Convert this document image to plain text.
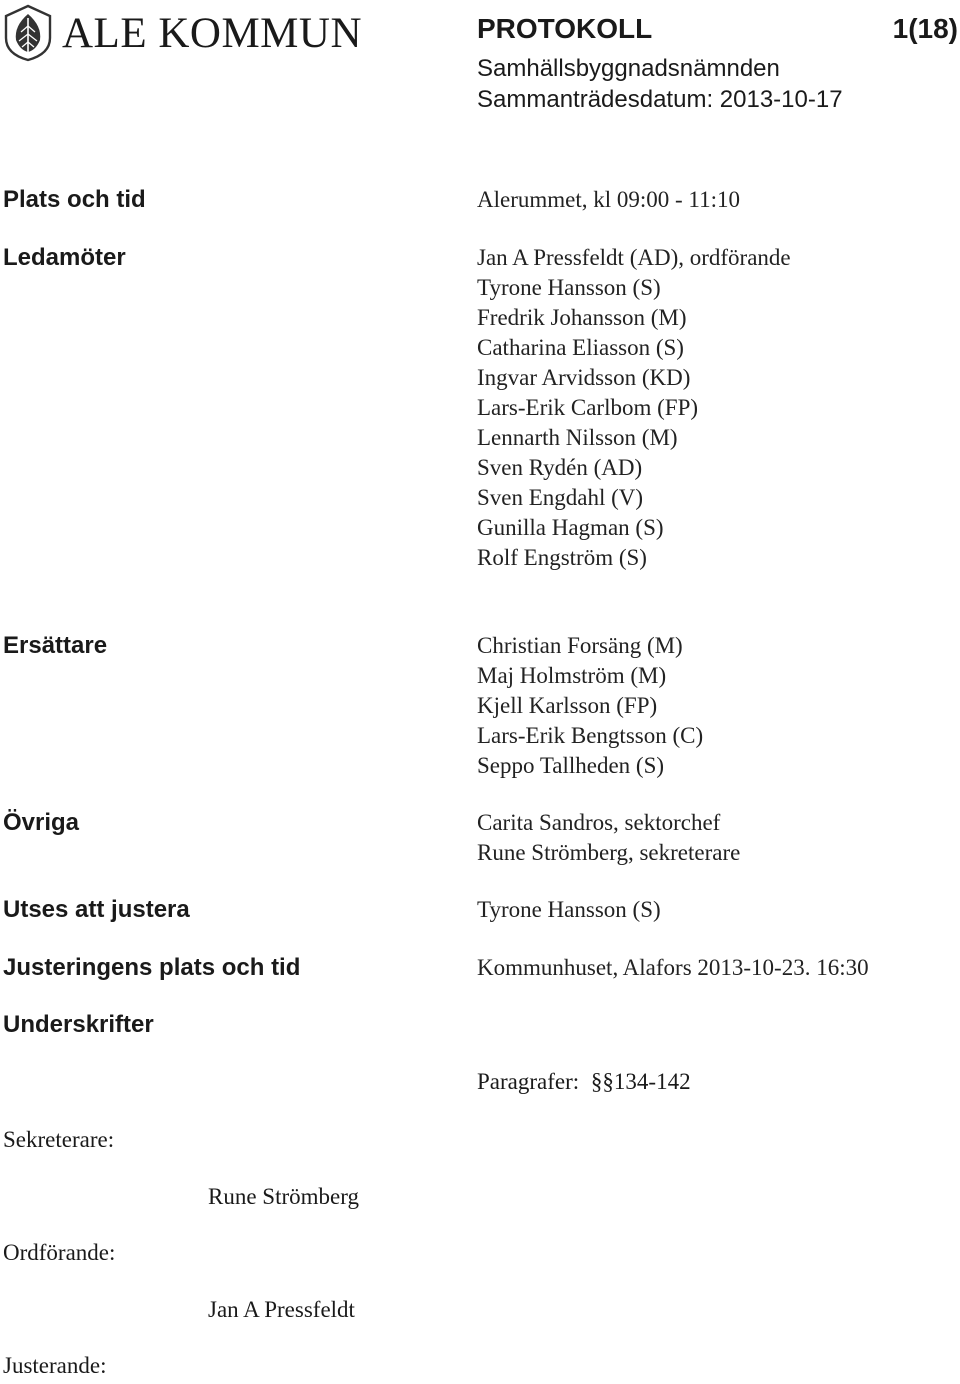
ALE KOMMUN	PROTOKOLL	1(18)
Samhällsbyggnadsnämnden
Sammanträdesdatum: 2013-10-17
Plats och tid	Alerummet, kl 09:00 - 11:10
Ledamöter	Jan A Pressfeldt (AD), ordförande
Tyrone Hansson (S)
Fredrik Johansson (M)
Catharina Eliasson (S)
Ingvar Arvidsson (KD)
Lars-Erik Carlbom (FP)
Lennarth Nilsson (M)
Sven Rydén (AD)
Sven Engdahl (V)
Gunilla Hagman (S)
Rolf Engström (S)
Ersättare	Christian Forsäng (M)
Maj Holmström (M)
Kjell Karlsson (FP)
Lars-Erik Bengtsson (C)
Seppo Tallheden (S)
Övriga	Carita Sandros, sektorchef
Rune Strömberg, sekreterare
Utses att justera	Tyrone Hansson (S)
Justeringens plats och tid	Kommunhuset, Alafors 2013-10-23. 16:30
Underskrifter
Paragrafer: §§134-142
Sekreterare:
Rune Strömberg
Ordförande:
Jan A Pressfeldt
Justerande:
